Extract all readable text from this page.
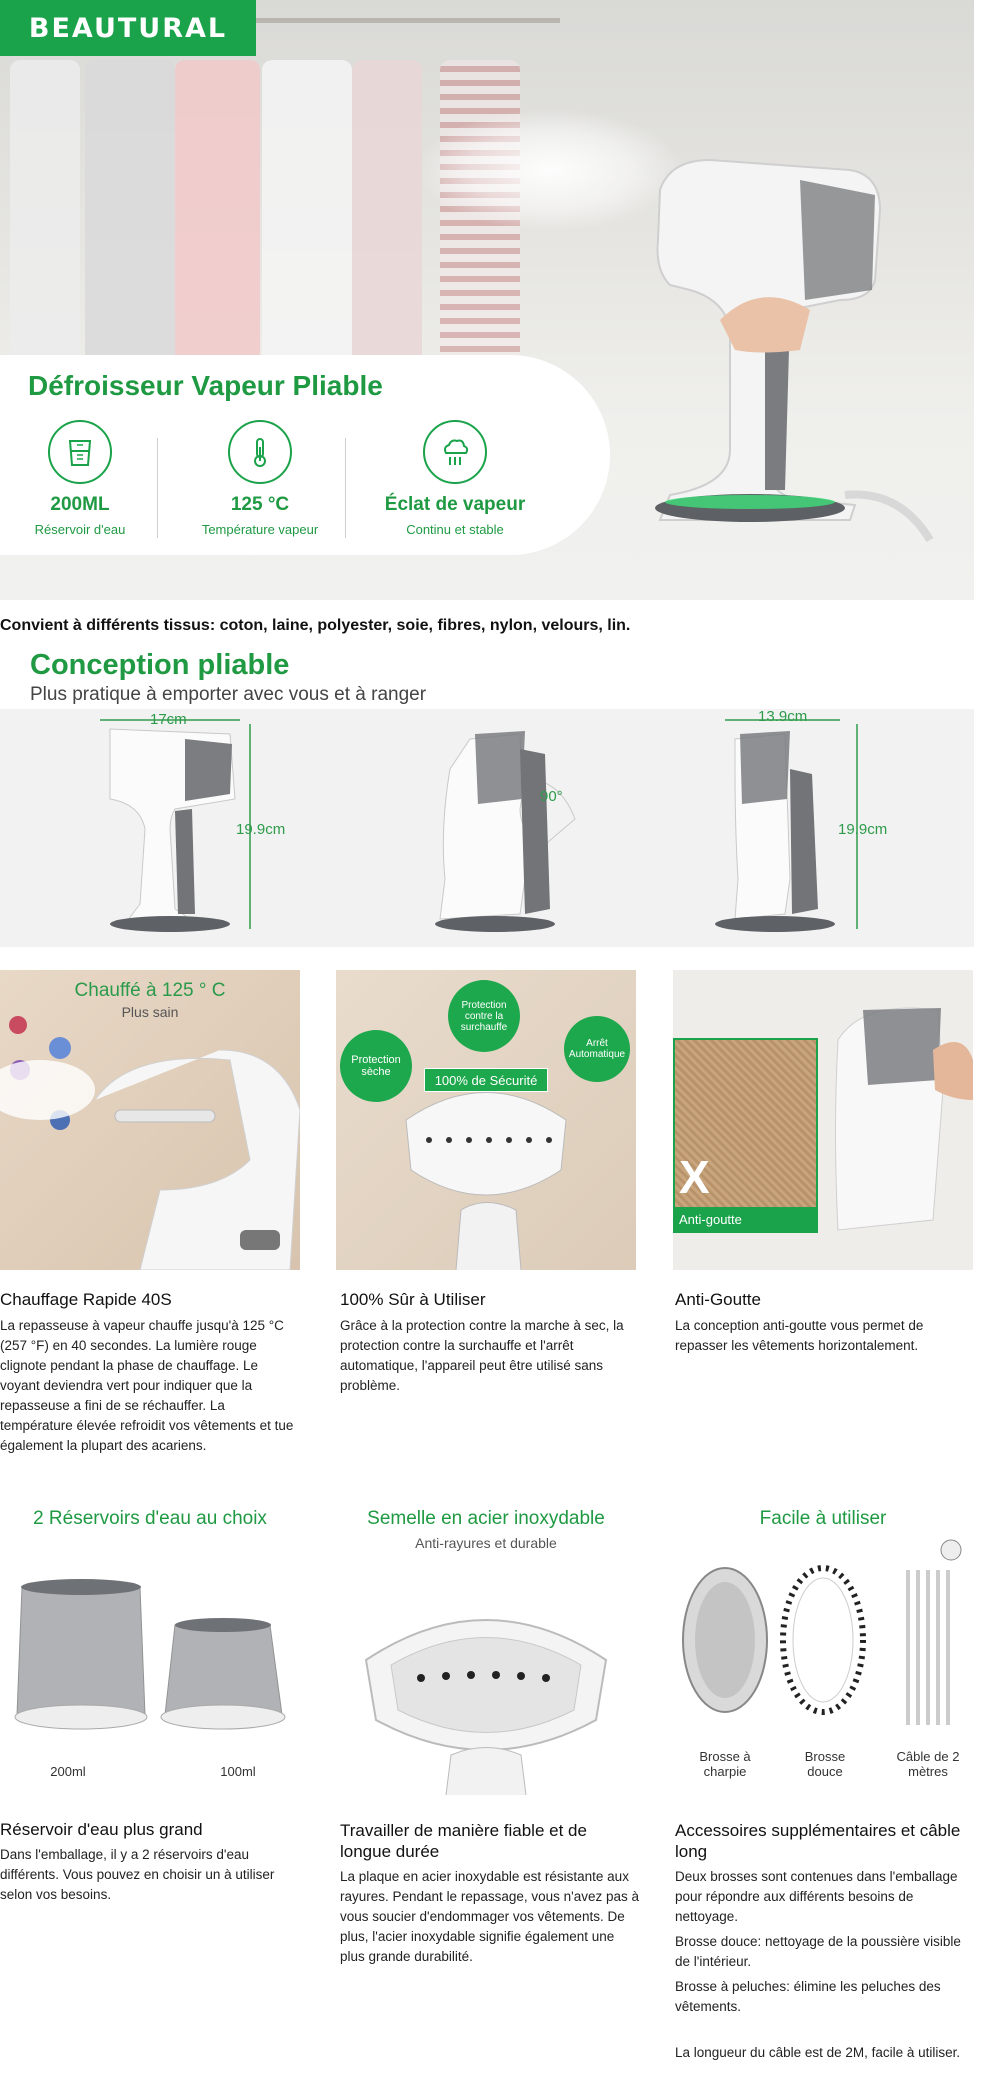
BEAUTURAL
Défroisseur Vapeur Pliable
200ML
Réservoir d'eau
125 °C
Température vapeur
Éclat de vapeur
Continu et stable
Convient à différents tissus: coton, laine, polyester, soie, fibres, nylon, velours, lin.
Conception pliable
Plus pratique à emporter avec vous et à ranger
17cm
19.9cm
90°
13.9cm
19.9cm
Chauffé à 125 ° C
Plus sain	Protection contre la surchauffe
Protection sèche
Arrêt Automatique
100% de Sécurité
X
Anti-goutte
Chauffage Rapide 40S
La repasseuse à vapeur chauffe jusqu'à 125 °C (257 °F) en 40 secondes. La lumière rouge clignote pendant la phase de chauffage. Le voyant deviendra vert pour indiquer que la repasseuse a fini de se réchauffer. La température élevée refroidit vos vêtements et tue également la plupart des acariens.
100% Sûr à Utiliser
Grâce à la protection contre la marche à sec, la protection contre la surchauffe et l'arrêt automatique, l'appareil peut être utilisé sans problème.
Anti-Goutte
La conception anti-goutte vous permet de repasser les vêtements horizontalement.
2 Réservoirs d'eau au choix
200ml	100ml
Semelle en acier inoxydable
Anti-rayures et durable
Facile à utiliser
Brosse à charpie
Brosse douce
Câble de 2 mètres
Réservoir d'eau plus grand
Dans l'emballage, il y a 2 réservoirs d'eau différents. Vous pouvez en choisir un à utiliser selon vos besoins.
Travailler de manière fiable et de longue durée
La plaque en acier inoxydable est résistante aux rayures. Pendant le repassage, vous n'avez pas à vous soucier d'endommager vos vêtements. De plus, l'acier inoxydable signifie également une plus grande durabilité.
Accessoires supplémentaires et câble long
Deux brosses sont contenues dans l'emballage pour répondre aux différents besoins de nettoyage.
Brosse douce: nettoyage de la poussière visible de l'intérieur.
Brosse à peluches: élimine les peluches des vêtements.
La longueur du câble est de 2M, facile à utiliser.
